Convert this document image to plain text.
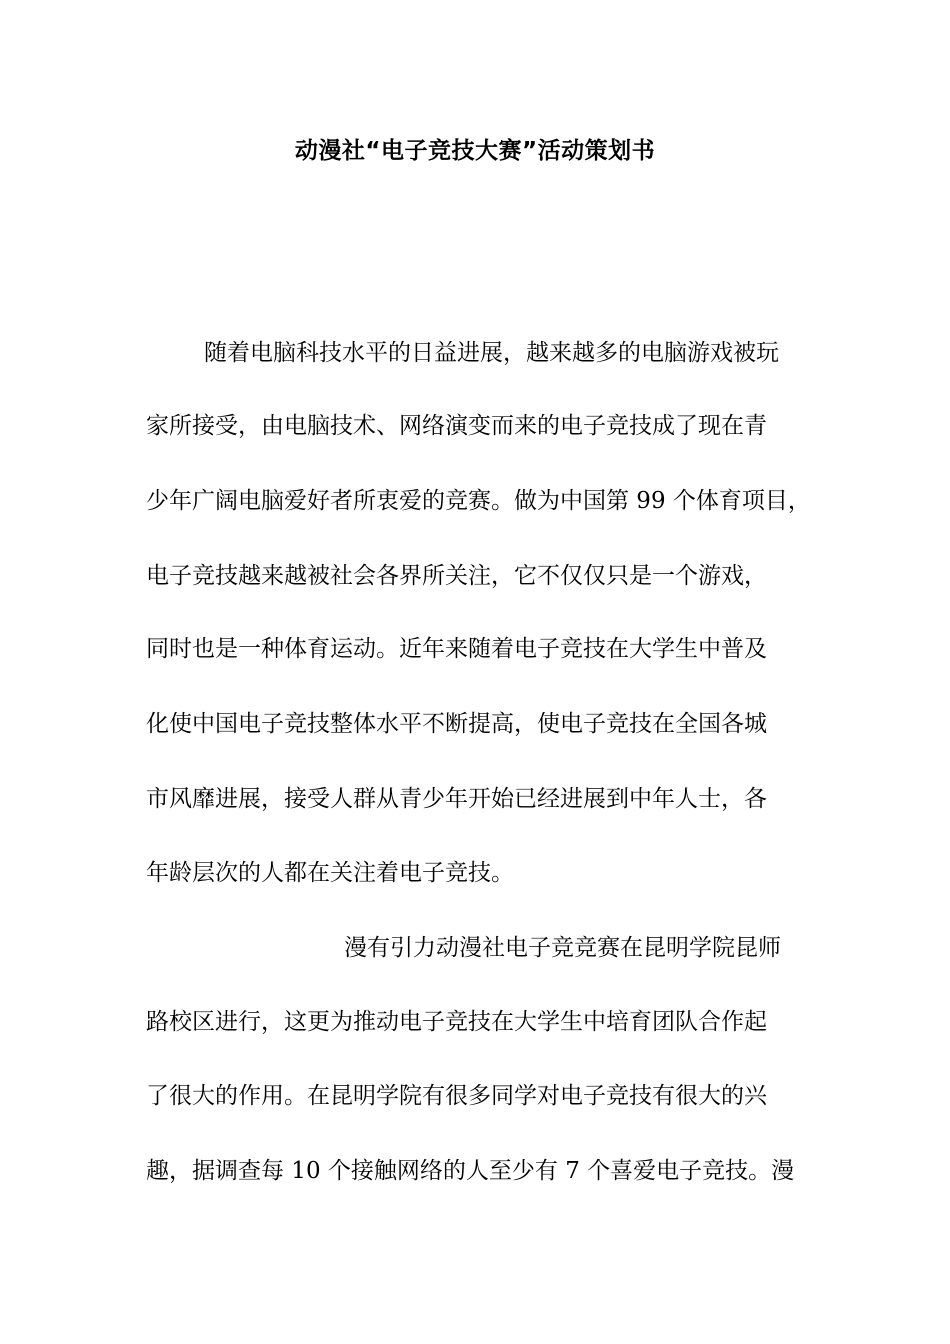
动漫社“电子竞技大赛”活动策划书
随着电脑科技水平的日益进展，越来越多的电脑游戏被玩
家所接受，由电脑技术、网络演变而来的电子竞技成了现在青
少年广阔电脑爱好者所衷爱的竞赛。做为中国第 99 个体育项目，
电子竞技越来越被社会各界所关注，它不仅仅只是一个游戏，
同时也是一种体育运动。近年来随着电子竞技在大学生中普及
化使中国电子竞技整体水平不断提高，使电子竞技在全国各城
市风靡进展，接受人群从青少年开始已经进展到中年人士，各
年龄层次的人都在关注着电子竞技。
漫有引力动漫社电子竞竞赛在昆明学院昆师
路校区进行，这更为推动电子竞技在大学生中培育团队合作起
了很大的作用。在昆明学院有很多同学对电子竞技有很大的兴
趣，据调查每 10 个接触网络的人至少有 7 个喜爱电子竞技。漫
